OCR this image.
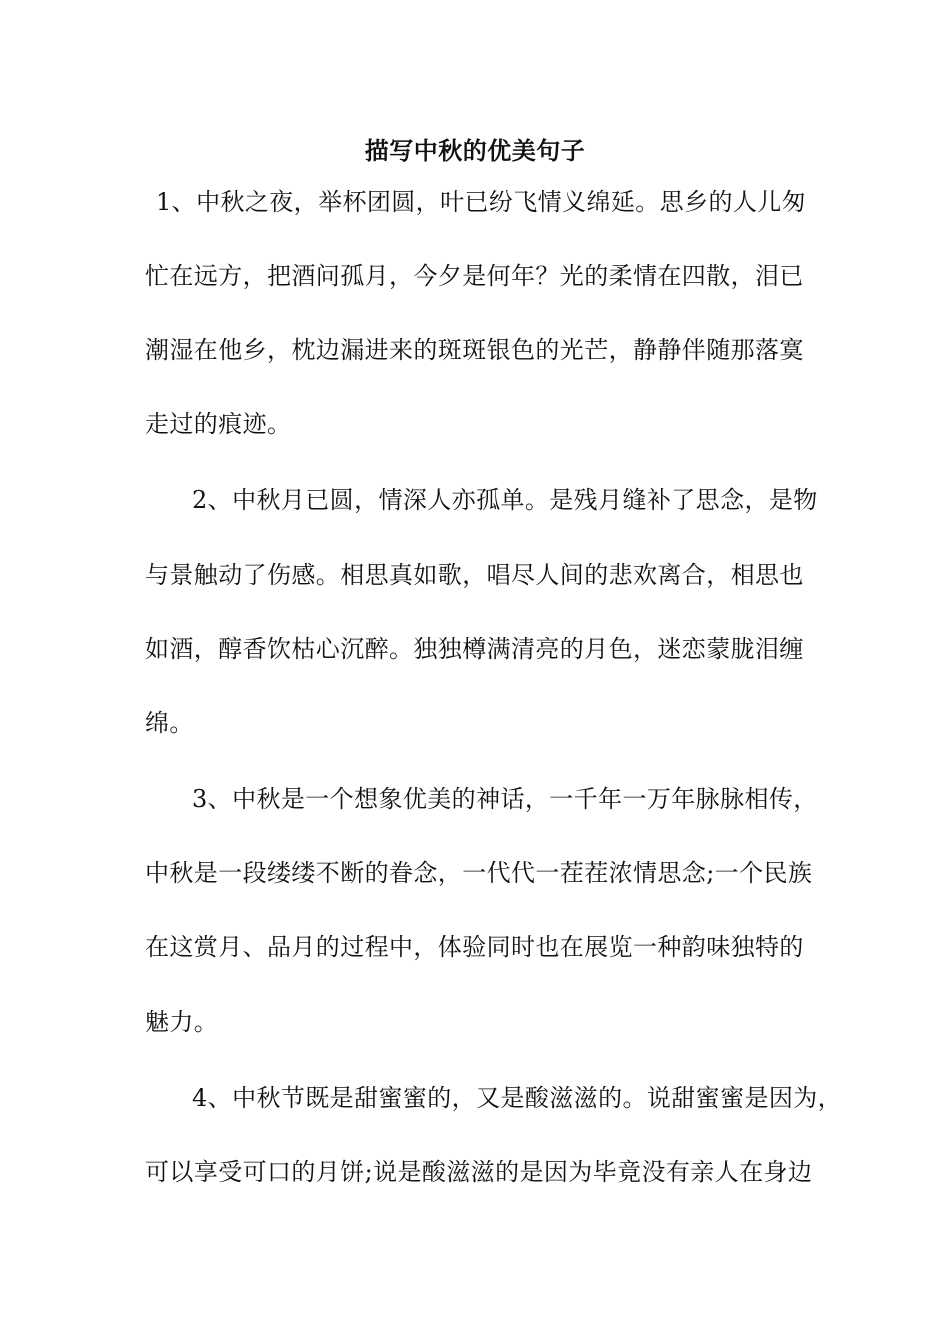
描写中秋的优美句子
1、中秋之夜，举杯团圆，叶已纷飞情义绵延。思乡的人儿匆
忙在远方，把酒问孤月，今夕是何年？光的柔情在四散，泪已
潮湿在他乡，枕边漏进来的斑斑银色的光芒，静静伴随那落寞
走过的痕迹。
2、中秋月已圆，情深人亦孤单。是残月缝补了思念，是物
与景触动了伤感。相思真如歌，唱尽人间的悲欢离合，相思也
如酒，醇香饮枯心沉醉。独独樽满清亮的月色，迷恋蒙胧泪缠
绵。
3、中秋是一个想象优美的神话，一千年一万年脉脉相传，
中秋是一段缕缕不断的眷念，一代代一茬茬浓情思念;一个民族
在这赏月、品月的过程中，体验同时也在展览一种韵味独特的
魅力。
4、中秋节既是甜蜜蜜的，又是酸滋滋的。说甜蜜蜜是因为，
可以享受可口的月饼;说是酸滋滋的是因为毕竟没有亲人在身边
